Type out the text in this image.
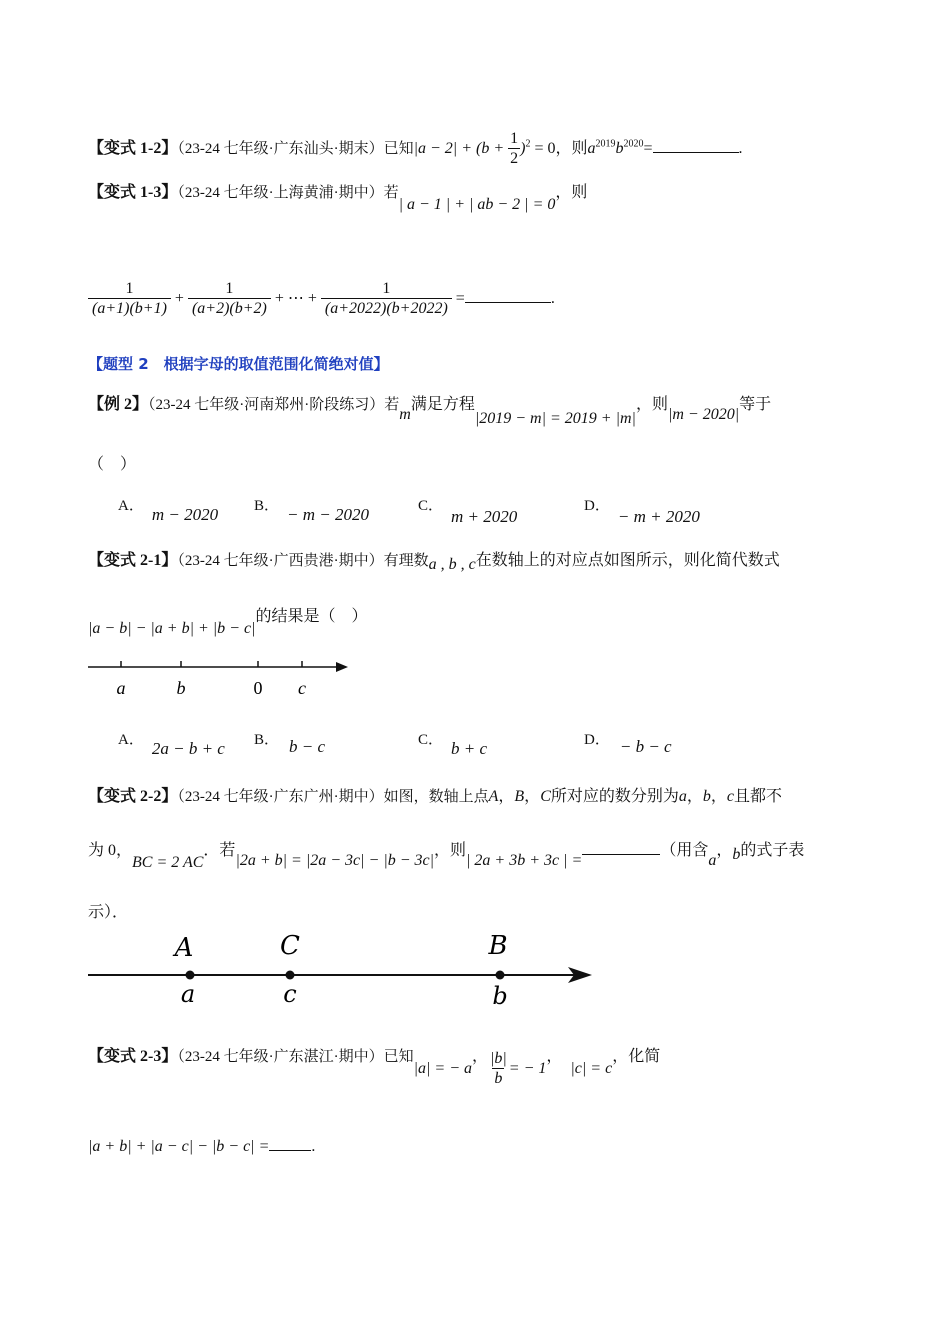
【变式 1-2】（23-24 七年级·广东汕头·期末）已知$|a - 2| + (b + \frac{1}{2} )^2 = 0$，则$a^{2019}b^{2020}=$	.
【变式 1-3】（23-24 七年级·上海黄浦·期中）若| a − 1 | + | ab − 2 | = 0，则
$\frac{1}{(a+1)(b+1)} + \frac{1}{(a+2)(b+2)}$ + ⋯ + $\frac{1}{(a+2022)(b+2022)}$ =	.
【题型 2　根据字母的取值范围化简绝对值】
【例 2】（23-24 七年级·河南郑州·阶段练习）若m满足方程|2019 − m| = 2019 + |m|，则|m − 2020|等于
（　）
A． m − 2020 B． − m − 2020	C．m + 2020
D．− m + 2020
【变式 2-1】（23-24 七年级·广西贵港·期中）有理数a , b , c在数轴上的对应点如图所示，则化简代数式
|a − b| − |a + b| + |b − c|的结果是（　）
a	b	0 c
A． 2a − b + c B． b − c	C． b + c	D． − b − c
【变式 2-2】（23-24 七年级·广东广州·期中）如图，数轴上点A，B，C所对应的数分别为a，b，c且都不
为 0，BC = 2 AC．若|2a + b| = |2a − 3c| − |b − 3c|，则| 2a + 3b + 3c | =（用含a，b的式子表
示）．
A	C	B
a	c	b
【变式 2-3】（23-24 七年级·广东湛江·期中）已知|a| = − a， $\frac{|b|}{b}$ = − 1，|c| = c，化简
|a + b| + |a − c| − |b − c| =	.
